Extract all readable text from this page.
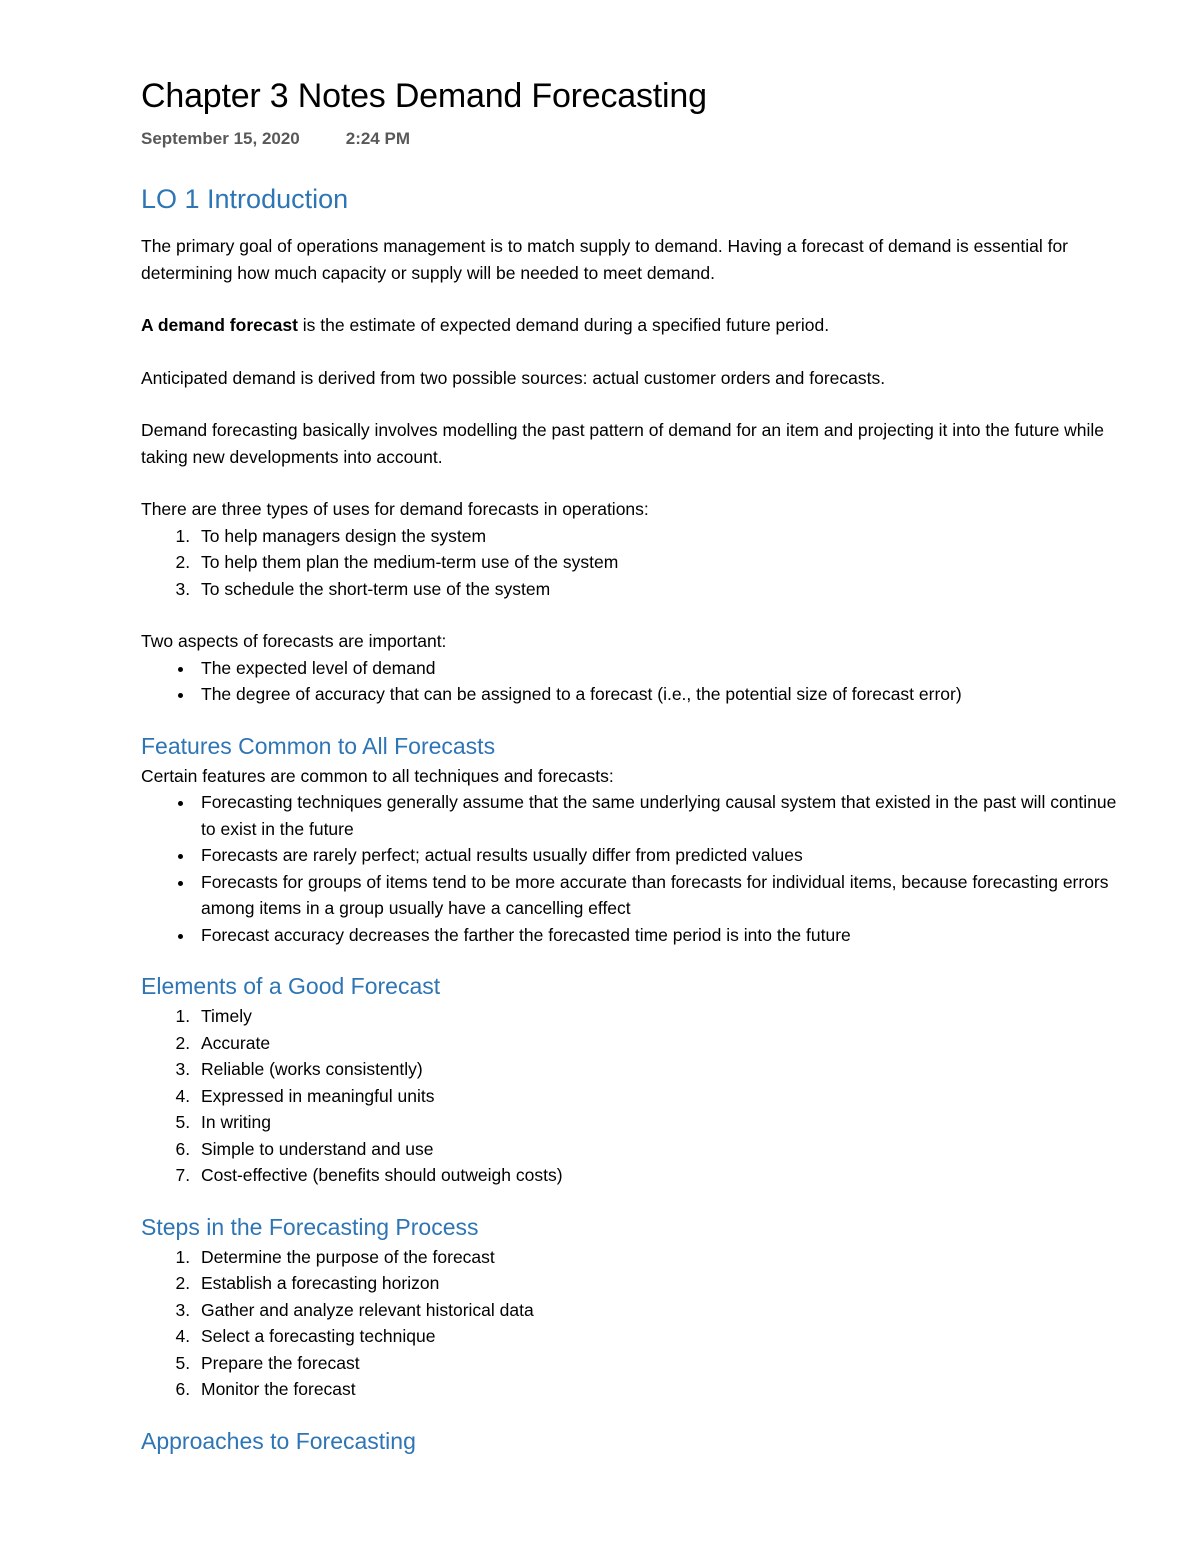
Chapter 3 Notes Demand Forecasting
September 15, 2020	2:24 PM
LO 1 Introduction

The primary goal of operations management is to match supply to demand. Having a forecast of demand is essential for determining how much capacity or supply will be needed to meet demand.

A demand forecast is the estimate of expected demand during a specified future period.

Anticipated demand is derived from two possible sources: actual customer orders and forecasts.

Demand forecasting basically involves modelling the past pattern of demand for an item and projecting it into the future while taking new developments into account.

There are three types of uses for demand forecasts in operations:

1. To help managers design the system
2. To help them plan the medium-term use of the system
3. To schedule the short-term use of the system

Two aspects of forecasts are important:

• The expected level of demand
• The degree of accuracy that can be assigned to a forecast (i.e., the potential size of forecast error)
Features Common to All Forecasts

Certain features are common to all techniques and forecasts:

• Forecasting techniques generally assume that the same underlying causal system that existed in the past will continue to exist in the future
• Forecasts are rarely perfect; actual results usually differ from predicted values
• Forecasts for groups of items tend to be more accurate than forecasts for individual items, because forecasting errors among items in a group usually have a cancelling effect
• Forecast accuracy decreases the farther the forecasted time period is into the future
Elements of a Good Forecast
1. Timely
2. Accurate
3. Reliable (works consistently)
4. Expressed in meaningful units
5. In writing
6. Simple to understand and use
7. Cost-effective (benefits should outweigh costs)
Steps in the Forecasting Process
1. Determine the purpose of the forecast
2. Establish a forecasting horizon
3. Gather and analyze relevant historical data
4. Select a forecasting technique
5. Prepare the forecast
6. Monitor the forecast
Approaches to Forecasting
